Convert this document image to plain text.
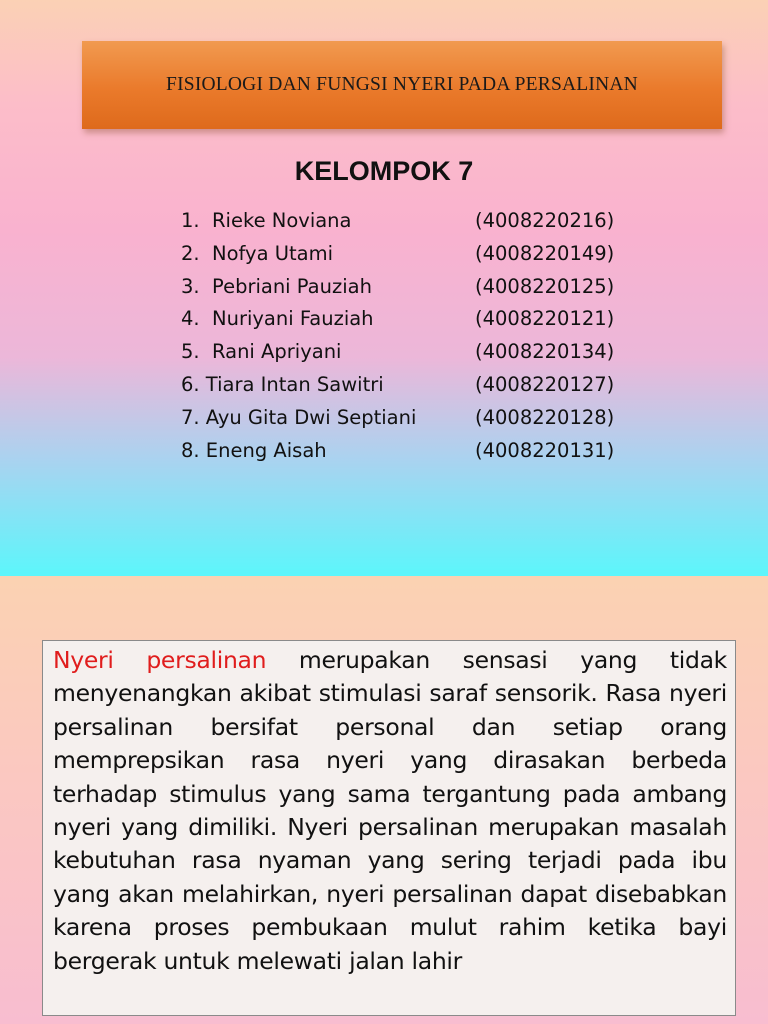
FISIOLOGI DAN FUNGSI NYERI PADA PERSALINAN
KELOMPOK 7
1.  Rieke Noviana	(4008220216)
2.  Nofya Utami	(4008220149)
3.  Pebriani Pauziah	(4008220125)
4.  Nuriyani Fauziah	(4008220121)
5.  Rani Apriyani	(4008220134)
6. Tiara Intan Sawitri	(4008220127)
7. Ayu Gita Dwi Septiani	(4008220128)
8. Eneng Aisah	(4008220131)

Nyeri persalinan merupakan sensasi yang tidak menyenangkan akibat stimulasi saraf sensorik. Rasa nyeri persalinan bersifat personal dan setiap orang memprepsikan rasa nyeri yang dirasakan berbeda terhadap stimulus yang sama tergantung pada ambang nyeri yang dimiliki. Nyeri persalinan merupakan masalah kebutuhan rasa nyaman yang sering terjadi pada ibu yang akan melahirkan, nyeri persalinan dapat disebabkan karena proses pembukaan mulut rahim ketika bayi bergerak untuk melewati jalan lahir
